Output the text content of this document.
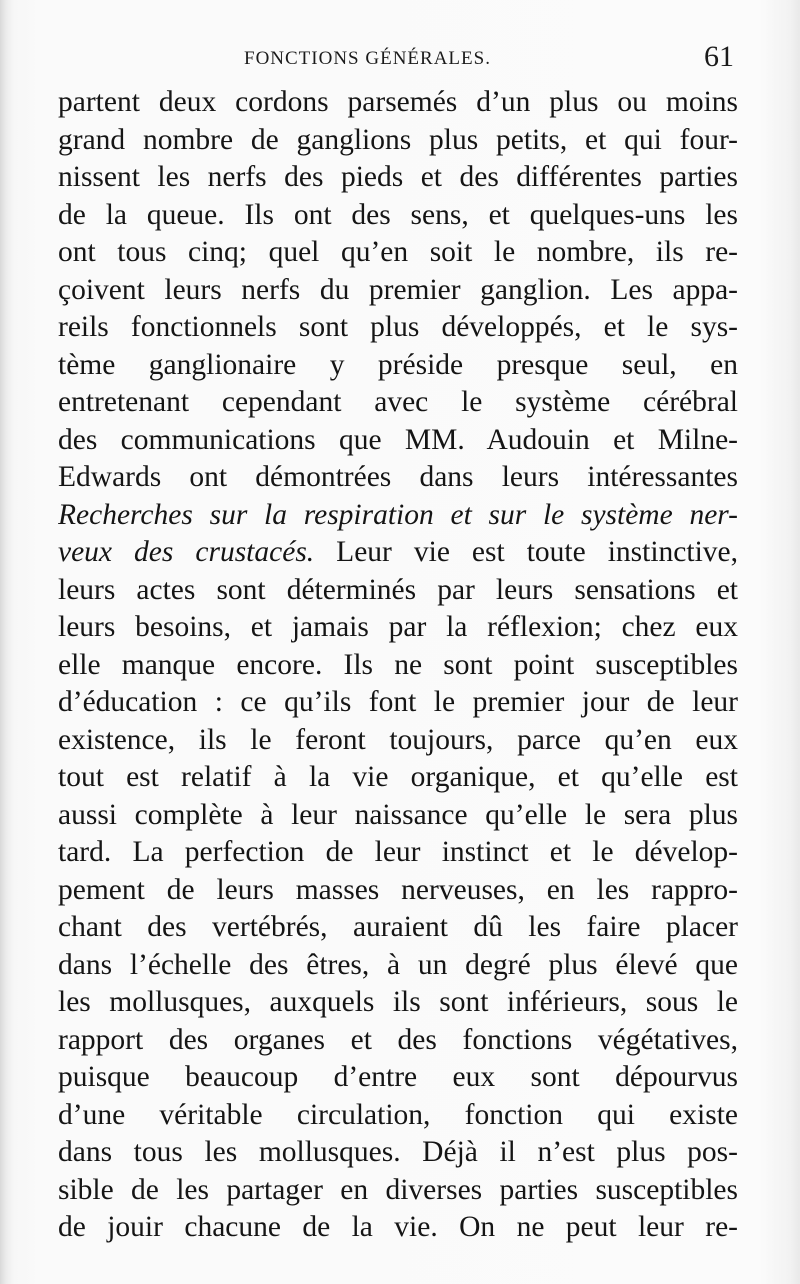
FONCTIONS GÉNÉRALES.	61
partent deux cordons parsemés d’un plus ou moins
grand nombre de ganglions plus petits, et qui four-
nissent les nerfs des pieds et des différentes parties
de la queue. Ils ont des sens, et quelques-uns les
ont tous cinq; quel qu’en soit le nombre, ils re-
çoivent leurs nerfs du premier ganglion. Les appa-
reils fonctionnels sont plus développés, et le sys-
tème ganglionaire y préside presque seul, en
entretenant cependant avec le système cérébral
des communications que MM. Audouin et Milne-
Edwards ont démontrées dans leurs intéressantes
Recherches sur la respiration et sur le système ner-
veux des crustacés. Leur vie est toute instinctive,
leurs actes sont déterminés par leurs sensations et
leurs besoins, et jamais par la réflexion; chez eux
elle manque encore. Ils ne sont point susceptibles
d’éducation : ce qu’ils font le premier jour de leur
existence, ils le feront toujours, parce qu’en eux
tout est relatif à la vie organique, et qu’elle est
aussi complète à leur naissance qu’elle le sera plus
tard. La perfection de leur instinct et le dévelop-
pement de leurs masses nerveuses, en les rappro-
chant des vertébrés, auraient dû les faire placer
dans l’échelle des êtres, à un degré plus élevé que
les mollusques, auxquels ils sont inférieurs, sous le
rapport des organes et des fonctions végétatives,
puisque beaucoup d’entre eux sont dépourvus
d’une véritable circulation, fonction qui existe
dans tous les mollusques. Déjà il n’est plus pos-
sible de les partager en diverses parties susceptibles
de jouir chacune de la vie. On ne peut leur re-
